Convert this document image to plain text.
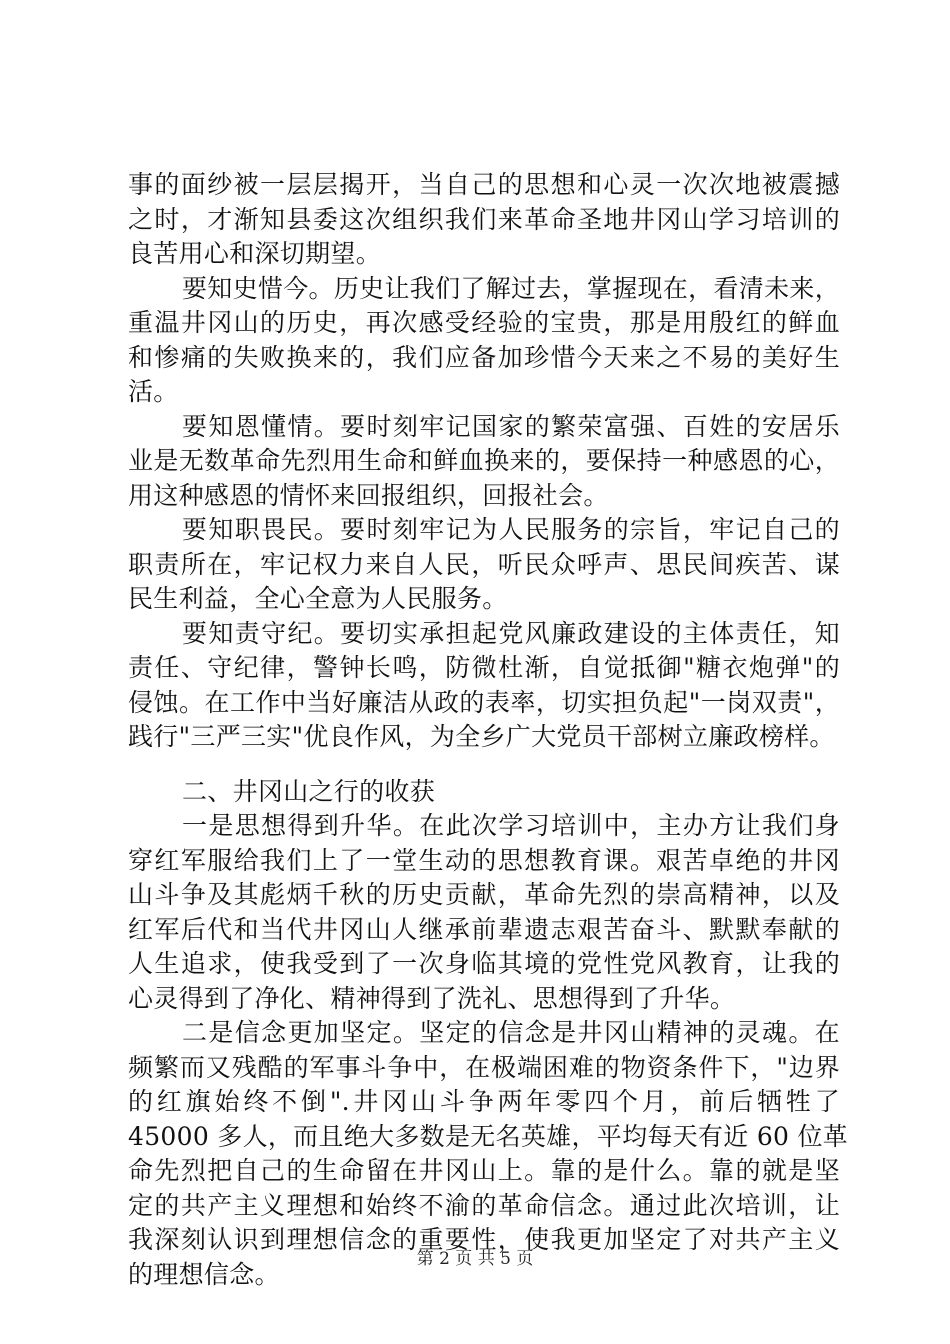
事的面纱被一层层揭开，当自己的思想和心灵一次次地被震撼
之时，才渐知县委这次组织我们来革命圣地井冈山学习培训的
良苦用心和深切期望。
要知史惜今。历史让我们了解过去，掌握现在，看清未来，
重温井冈山的历史，再次感受经验的宝贵，那是用殷红的鲜血
和惨痛的失败换来的，我们应备加珍惜今天来之不易的美好生
活。
要知恩懂情。要时刻牢记国家的繁荣富强、百姓的安居乐
业是无数革命先烈用生命和鲜血换来的，要保持一种感恩的心，
用这种感恩的情怀来回报组织，回报社会。
要知职畏民。要时刻牢记为人民服务的宗旨，牢记自己的
职责所在，牢记权力来自人民，听民众呼声、思民间疾苦、谋
民生利益，全心全意为人民服务。
要知责守纪。要切实承担起党风廉政建设的主体责任，知
责任、守纪律，警钟长鸣，防微杜渐，自觉抵御"糖衣炮弹"的
侵蚀。在工作中当好廉洁从政的表率，切实担负起"一岗双责"，
践行"三严三实"优良作风，为全乡广大党员干部树立廉政榜样。
二、井冈山之行的收获
一是思想得到升华。在此次学习培训中，主办方让我们身
穿红军服给我们上了一堂生动的思想教育课。艰苦卓绝的井冈
山斗争及其彪炳千秋的历史贡献，革命先烈的崇高精神，以及
红军后代和当代井冈山人继承前辈遗志艰苦奋斗、默默奉献的
人生追求，使我受到了一次身临其境的党性党风教育，让我的
心灵得到了净化、精神得到了洗礼、思想得到了升华。
二是信念更加坚定。坚定的信念是井冈山精神的灵魂。在
频繁而又残酷的军事斗争中，在极端困难的物资条件下，"边界
的红旗始终不倒".井冈山斗争两年零四个月，前后牺牲了
45000 多人，而且绝大多数是无名英雄，平均每天有近 60 位革
命先烈把自己的生命留在井冈山上。靠的是什么。靠的就是坚
定的共产主义理想和始终不渝的革命信念。通过此次培训，让
我深刻认识到理想信念的重要性，使我更加坚定了对共产主义
的理想信念。
第 2 页 共 5 页
